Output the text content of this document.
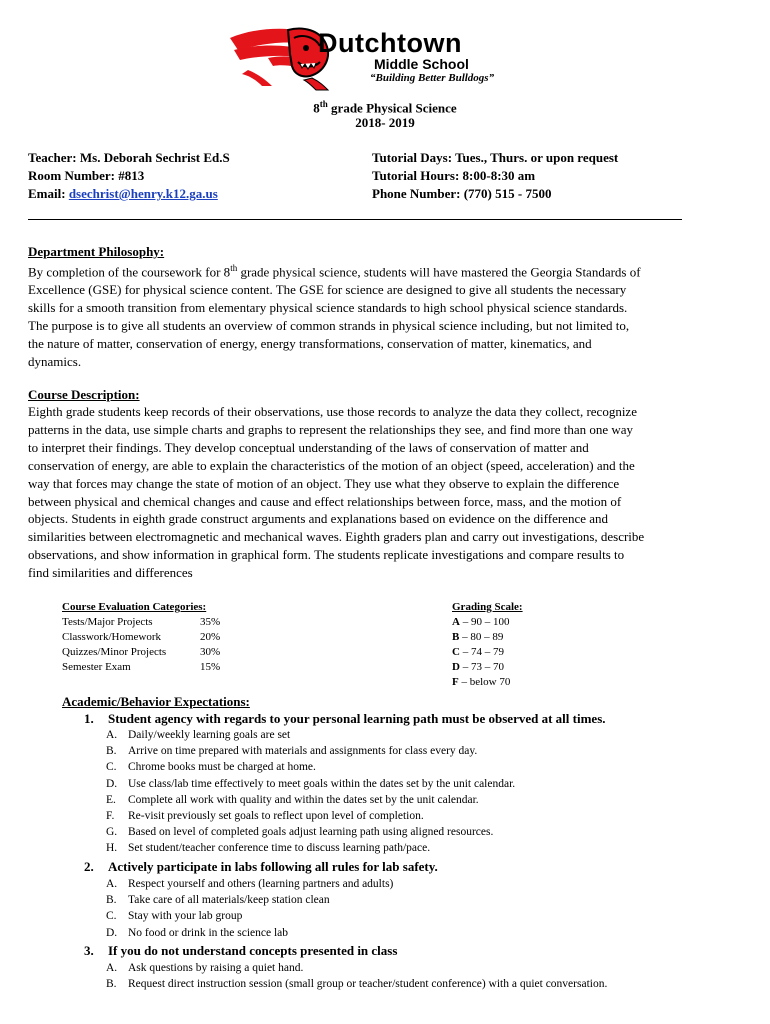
Dutchtown
Middle School
“Building Better Bulldogs”
8th grade Physical Science
2018- 2019
Teacher: Ms. Deborah Sechrist Ed.S
Room Number: #813
Email: dsechrist@henry.k12.ga.us
Tutorial Days: Tues., Thurs. or upon request
Tutorial Hours: 8:00-8:30 am
Phone Number: (770) 515 - 7500
Department Philosophy:
By completion of the coursework for 8th grade physical science, students will have mastered the Georgia Standards of
Excellence (GSE) for physical science content. The GSE for science are designed to give all students the necessary
skills for a smooth transition from elementary physical science standards to high school physical science standards.
The purpose is to give all students an overview of common strands in physical science including, but not limited to,
the nature of matter, conservation of energy, energy transformations, conservation of matter, kinematics, and
dynamics.
Course Description:
Eighth grade students keep records of their observations, use those records to analyze the data they collect, recognize
patterns in the data, use simple charts and graphs to represent the relationships they see, and find more than one way
to interpret their findings. They develop conceptual understanding of the laws of conservation of matter and
conservation of energy, are able to explain the characteristics of the motion of an object (speed, acceleration) and the
way that forces may change the state of motion of an object. They use what they observe to explain the difference
between physical and chemical changes and cause and effect relationships between force, mass, and the motion of
objects. Students in eighth grade construct arguments and explanations based on evidence on the difference and
similarities between electromagnetic and mechanical waves. Eighth graders plan and carry out investigations, describe
observations, and show information in graphical form. The students replicate investigations and compare results to
find similarities and differences
Course Evaluation Categories:
Tests/Major Projects	35%
Classwork/Homework	20%
Quizzes/Minor Projects	30%
Semester Exam	15%
Grading Scale:
A – 90 – 100
B – 80 – 89
C – 74 – 79
D – 73 – 70
F – below 70
Academic/Behavior Expectations:
1. Student agency with regards to your personal learning path must be observed at all times.
A. Daily/weekly learning goals are set
B. Arrive on time prepared with materials and assignments for class every day.
C. Chrome books must be charged at home.
D. Use class/lab time effectively to meet goals within the dates set by the unit calendar.
E. Complete all work with quality and within the dates set by the unit calendar.
F. Re-visit previously set goals to reflect upon level of completion.
G. Based on level of completed goals adjust learning path using aligned resources.
H. Set student/teacher conference time to discuss learning path/pace.
2. Actively participate in labs following all rules for lab safety.
A. Respect yourself and others (learning partners and adults)
B. Take care of all materials/keep station clean
C. Stay with your lab group
D. No food or drink in the science lab
3. If you do not understand concepts presented in class
A. Ask questions by raising a quiet hand.
B. Request direct instruction session (small group or teacher/student conference) with a quiet conversation.
